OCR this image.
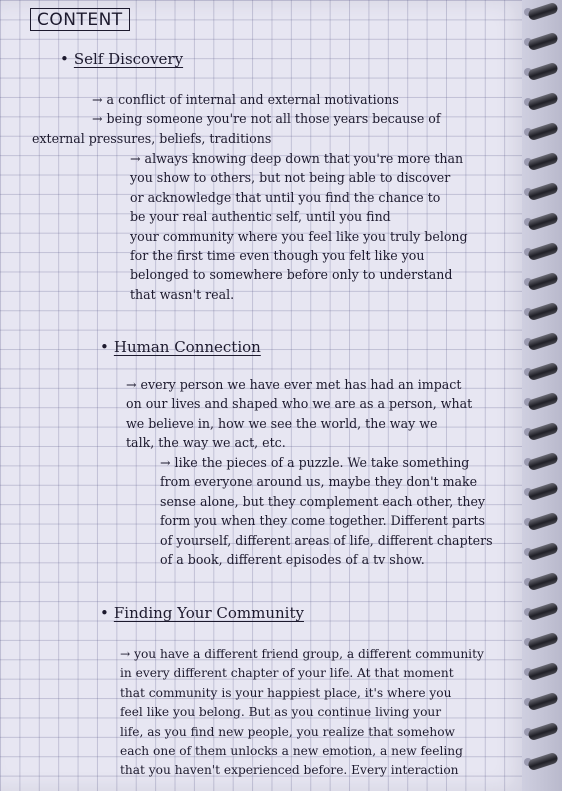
CONTENT
• Self Discovery
→ a conflict of internal and external motivations
→ being someone you're not all those years because of
external pressures, beliefs, traditions
→ always knowing deep down that you're more than
you show to others, but not being able to discover
or acknowledge that until you find the chance to
be your real authentic self, until you find
your community where you feel like you truly belong
for the first time even though you felt like you
belonged to somewhere before only to understand
that wasn't real.
• Human Connection
→ every person we have ever met has had an impact
on our lives and shaped who we are as a person, what
we believe in, how we see the world, the way we
talk, the way we act, etc.
→ like the pieces of a puzzle. We take something
from everyone around us, maybe they don't make
sense alone, but they complement each other, they
form you when they come together. Different parts
of yourself, different areas of life, different chapters
of a book, different episodes of a tv show.
• Finding Your Community
→ you have a different friend group, a different community
in every different chapter of your life. At that moment
that community is your happiest place, it's where you
feel like you belong. But as you continue living your
life, as you find new people, you realize that somehow
each one of them unlocks a new emotion, a new feeling
that you haven't experienced before. Every interaction
